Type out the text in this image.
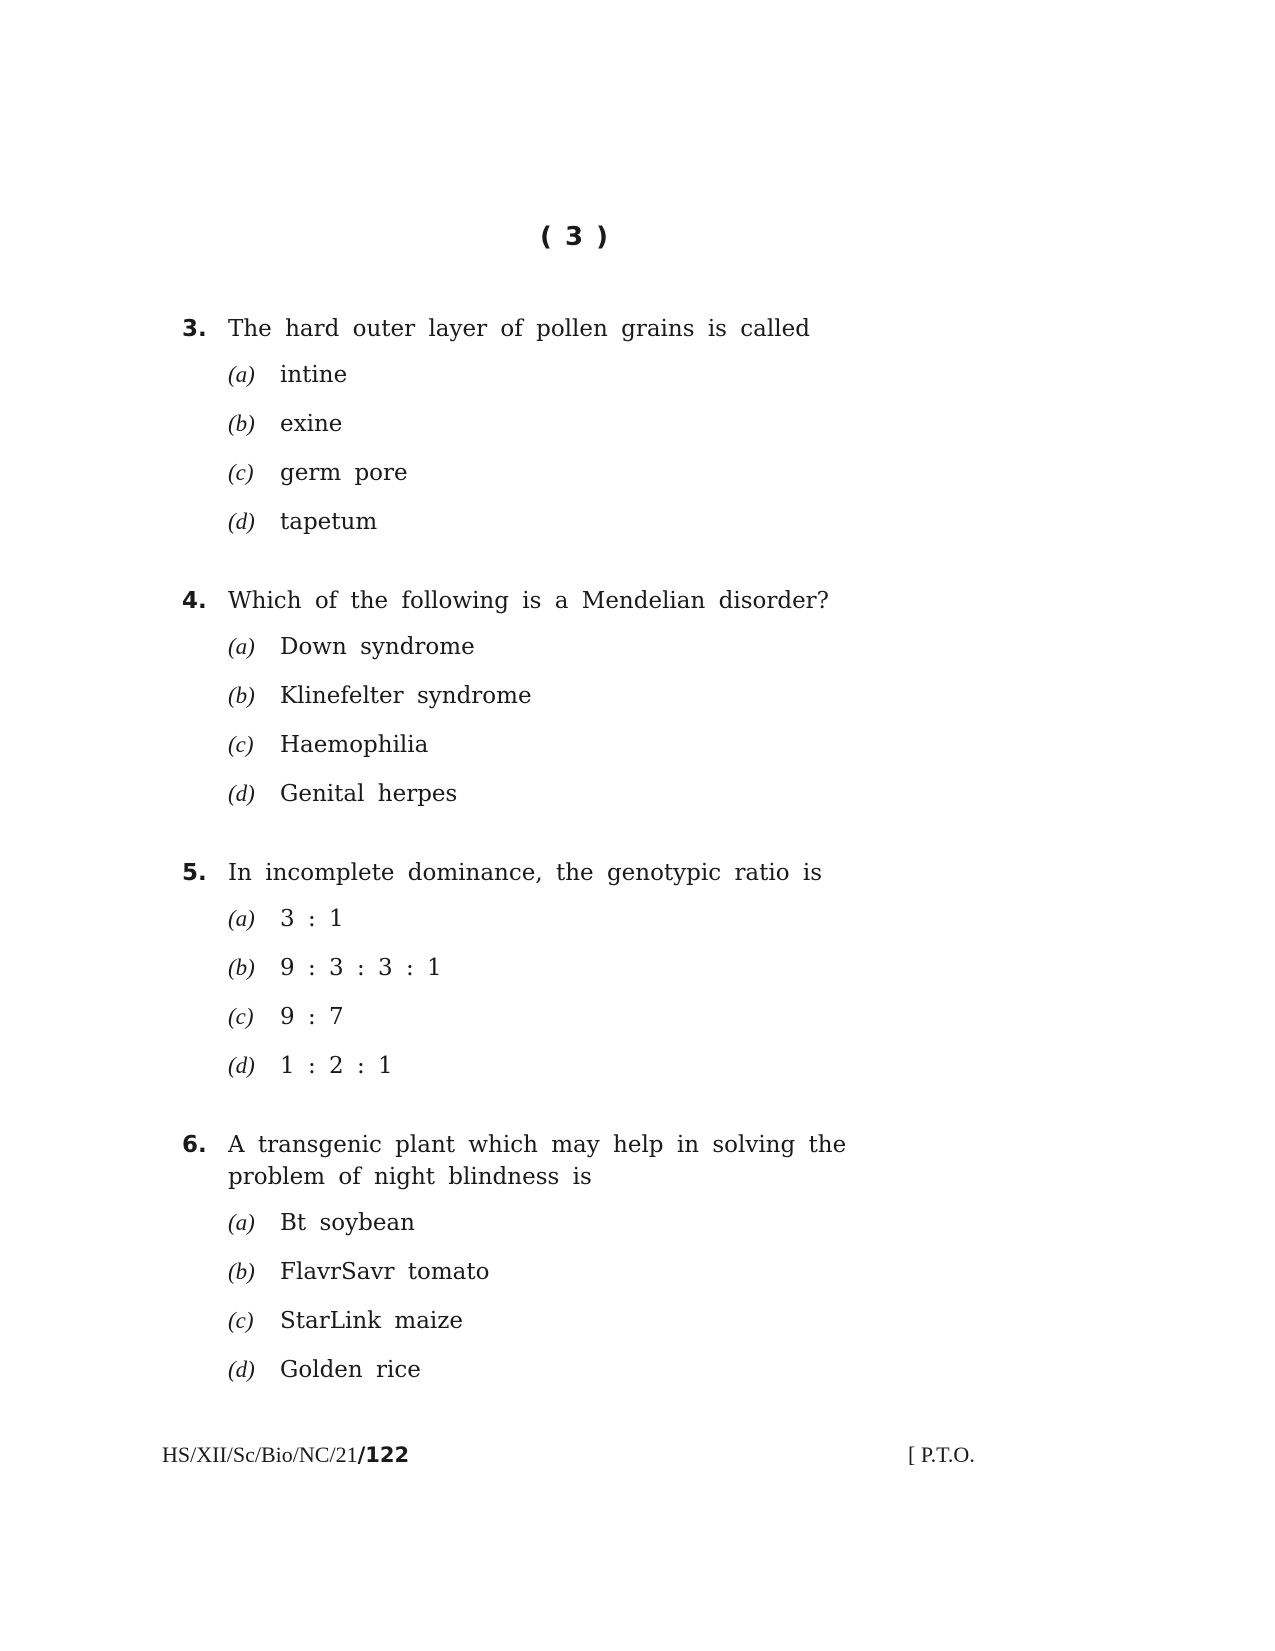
( 3 )
3. The hard outer layer of pollen grains is called
(a)	intine
(b)	exine
(c)	germ pore
(d)	tapetum
4. Which of the following is a Mendelian disorder?
(a)	Down syndrome
(b)	Klinefelter syndrome
(c)	Haemophilia
(d)	Genital herpes
5. In incomplete dominance, the genotypic ratio is
(a)	3 : 1
(b)	9 : 3 : 3 : 1
(c)	9 : 7
(d)	1 : 2 : 1
6. A transgenic plant which may help in solving the problem of night blindness is
(a)	Bt soybean
(b)	FlavrSavr tomato
(c)	StarLink maize
(d)	Golden rice
HS/XII/Sc/Bio/NC/21/122	[ P.T.O.
